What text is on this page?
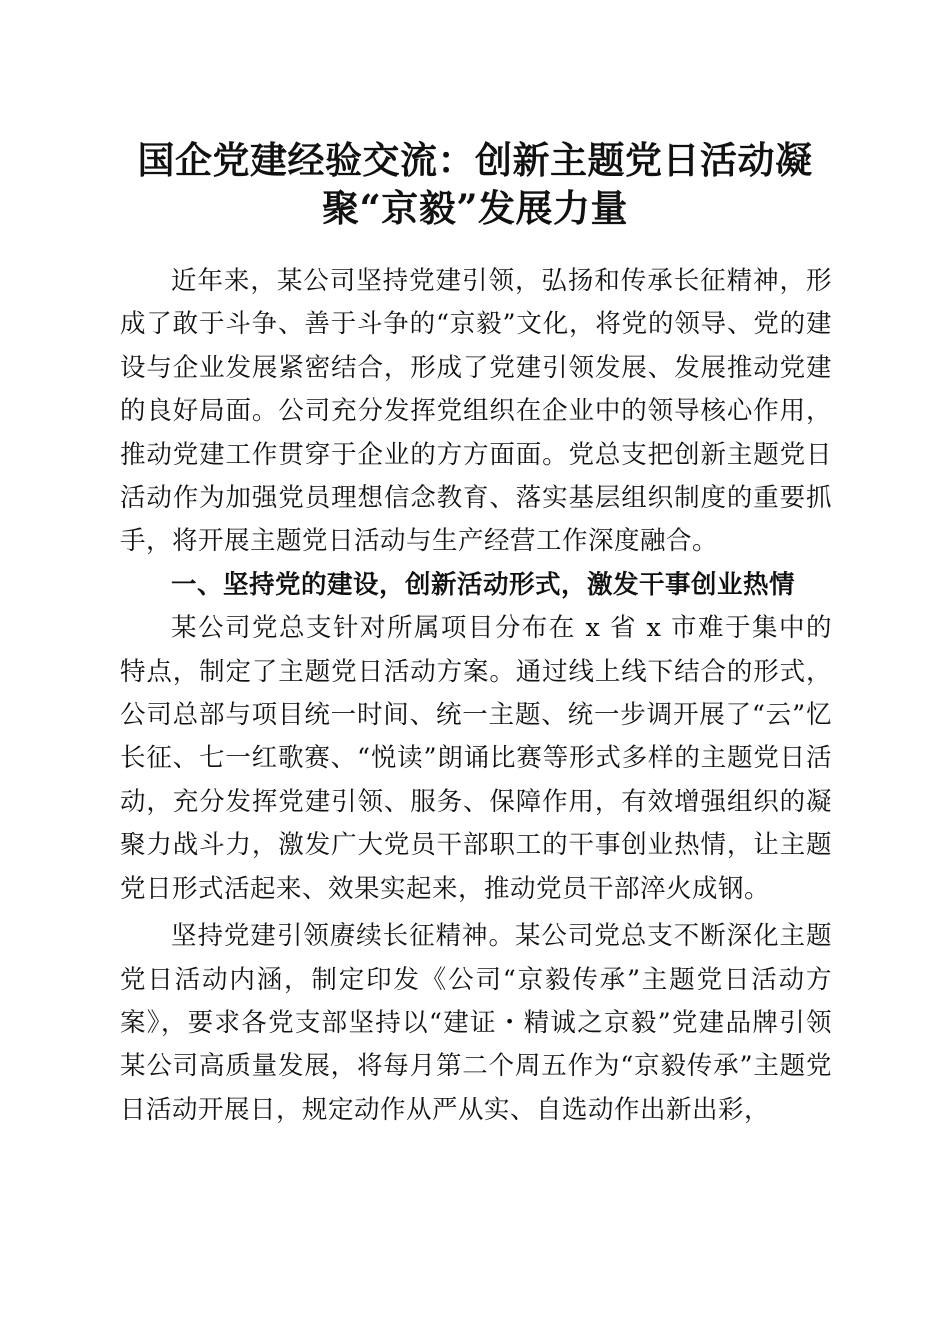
国企党建经验交流：创新主题党日活动凝
聚“京毅”发展力量

近年来，某公司坚持党建引领，弘扬和传承长征精神，形成了敢于斗争、善于斗争的“京毅”文化，将党的领导、党的建设与企业发展紧密结合，形成了党建引领发展、发展推动党建的良好局面。公司充分发挥党组织在企业中的领导核心作用，推动党建工作贯穿于企业的方方面面。党总支把创新主题党日活动作为加强党员理想信念教育、落实基层组织制度的重要抓手，将开展主题党日活动与生产经营工作深度融合。

一、坚持党的建设，创新活动形式，激发干事创业热情

某公司党总支针对所属项目分布在 x 省 x 市难于集中的特点，制定了主题党日活动方案。通过线上线下结合的形式，公司总部与项目统一时间、统一主题、统一步调开展了“云”忆长征、七一红歌赛、“悦读”朗诵比赛等形式多样的主题党日活动，充分发挥党建引领、服务、保障作用，有效增强组织的凝聚力战斗力，激发广大党员干部职工的干事创业热情，让主题党日形式活起来、效果实起来，推动党员干部淬火成钢。

坚持党建引领赓续长征精神。某公司党总支不断深化主题党日活动内涵，制定印发《公司“京毅传承”主题党日活动方案》，要求各党支部坚持以“建证・精诚之京毅”党建品牌引领某公司高质量发展，将每月第二个周五作为“京毅传承”主题党日活动开展日，规定动作从严从实、自选动作出新出彩，
